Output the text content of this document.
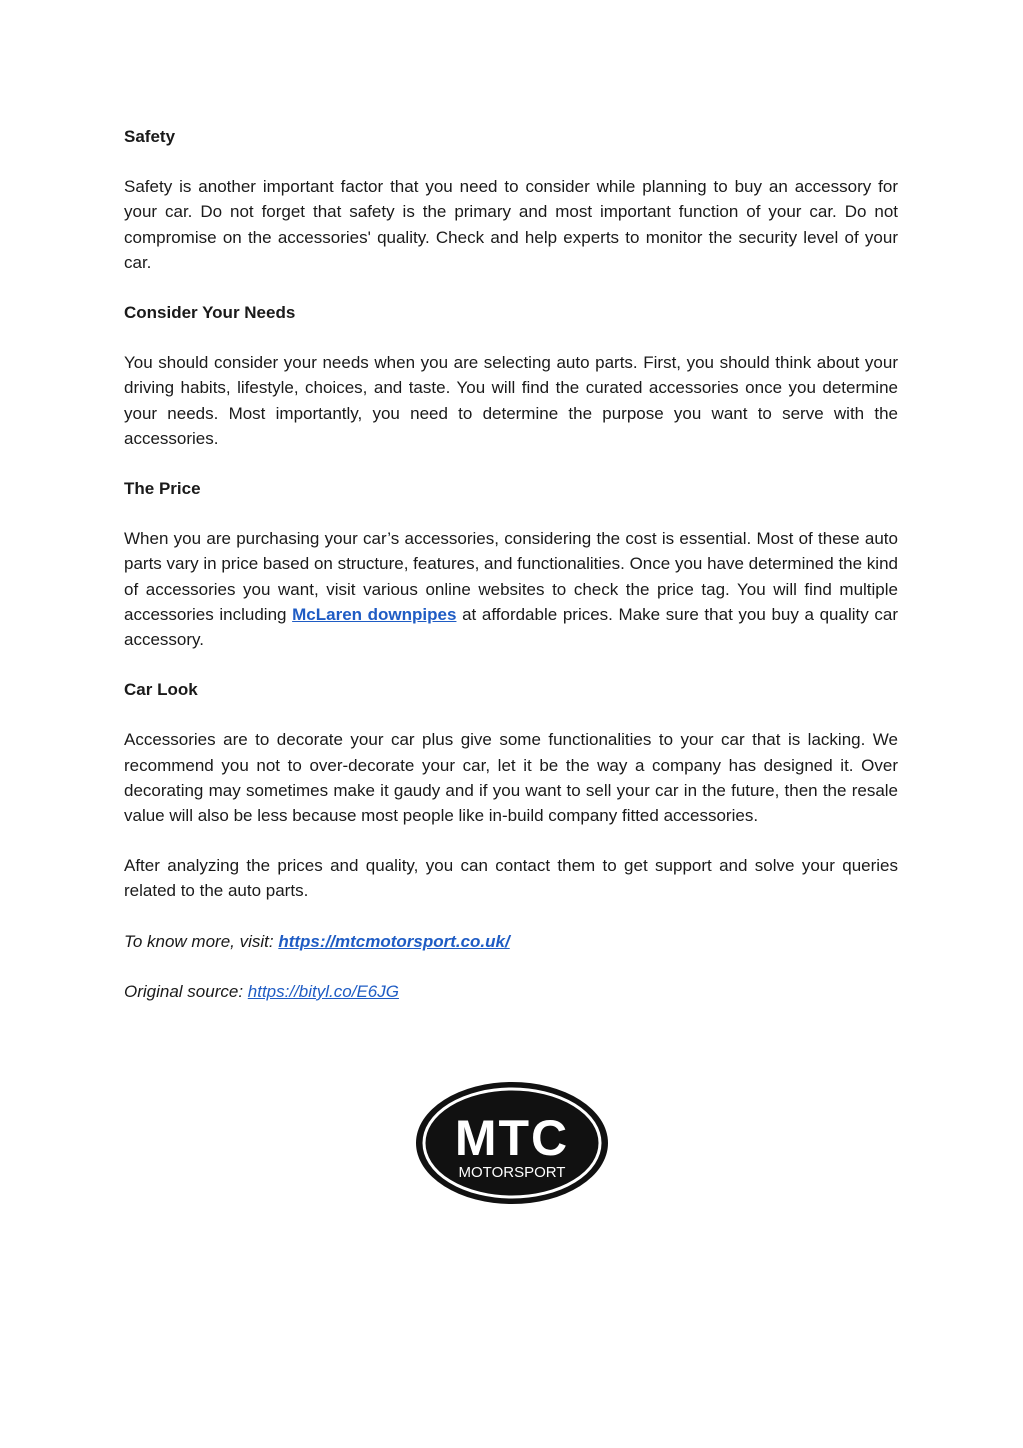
Safety

Safety is another important factor that you need to consider while planning to buy an accessory for your car. Do not forget that safety is the primary and most important function of your car. Do not compromise on the accessories' quality. Check and help experts to monitor the security level of your car.

Consider Your Needs

You should consider your needs when you are selecting auto parts. First, you should think about your driving habits, lifestyle, choices, and taste. You will find the curated accessories once you determine your needs. Most importantly, you need to determine the purpose you want to serve with the accessories.

The Price

When you are purchasing your car’s accessories, considering the cost is essential. Most of these auto parts vary in price based on structure, features, and functionalities. Once you have determined the kind of accessories you want, visit various online websites to check the price tag. You will find multiple accessories including McLaren downpipes at affordable prices. Make sure that you buy a quality car accessory.

Car Look

Accessories are to decorate your car plus give some functionalities to your car that is lacking. We recommend you not to over-decorate your car, let it be the way a company has designed it. Over decorating may sometimes make it gaudy and if you want to sell your car in the future, then the resale value will also be less because most people like in-build company fitted accessories.

After analyzing the prices and quality, you can contact them to get support and solve your queries related to the auto parts.

To know more, visit: https://mtcmotorsport.co.uk/

Original source: https://bityl.co/E6JG

MTC
MOTORSPORT
